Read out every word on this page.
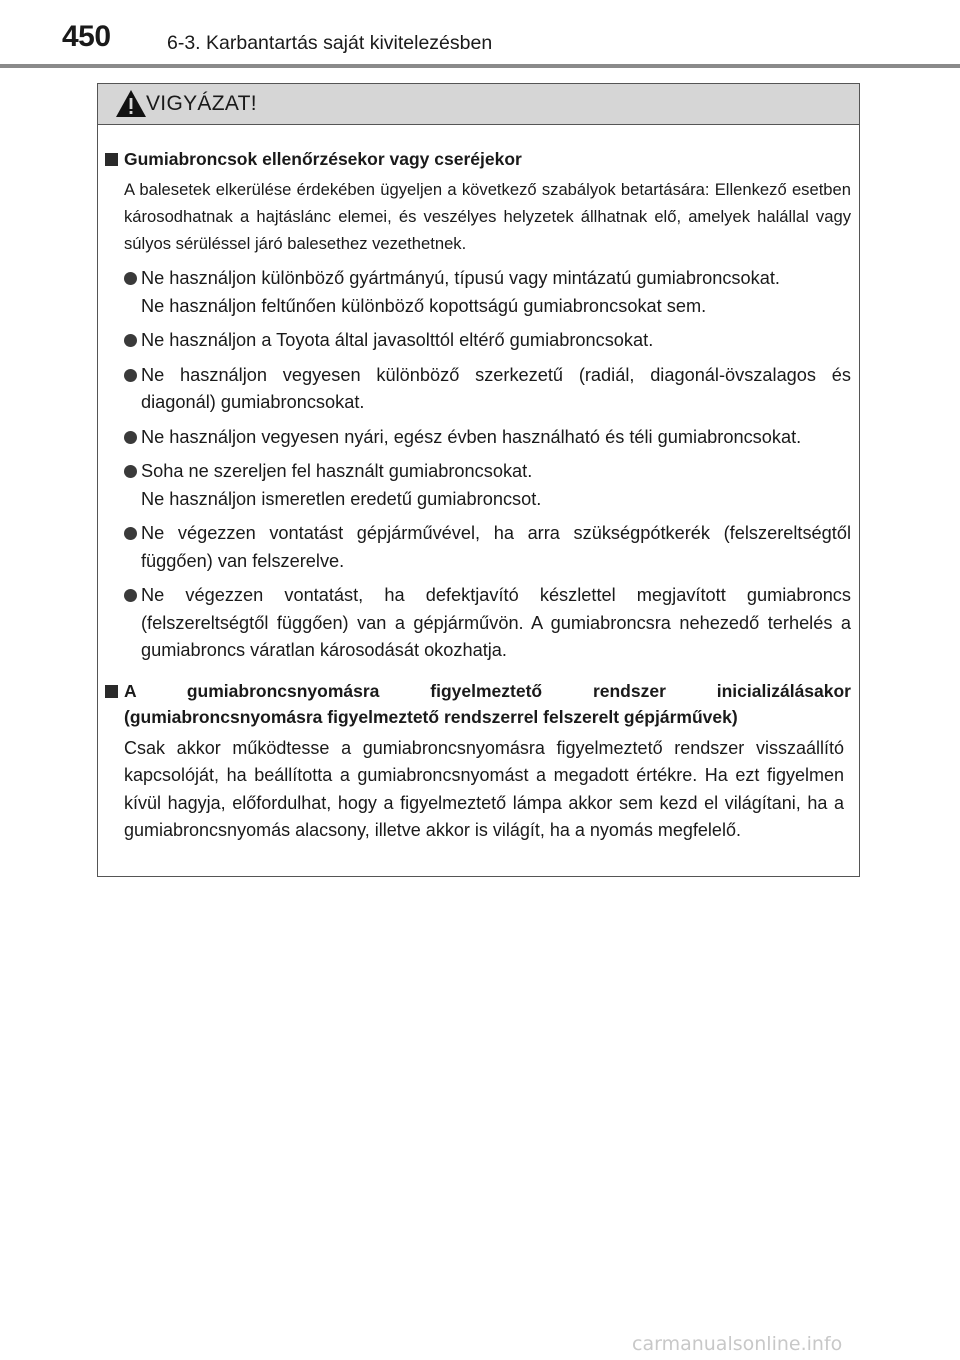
450	6-3. Karbantartás saját kivitelezésben
VIGYÁZAT!
Gumiabroncsok ellenőrzésekor vagy cseréjekor
A balesetek elkerülése érdekében ügyeljen a következő szabályok betartására: Ellenkező esetben károsodhatnak a hajtáslánc elemei, és veszélyes helyzetek állhatnak elő, amelyek halállal vagy súlyos sérüléssel járó balesethez vezethetnek.

Ne használjon különböző gyártmányú, típusú vagy mintázatú gumiabroncsokat.

Ne használjon feltűnően különböző kopottságú gumiabroncsokat sem.

Ne használjon a Toyota által javasolttól eltérő gumiabroncsokat.

Ne használjon vegyesen különböző szerkezetű (radiál, diagonál-övszalagos és diagonál) gumiabroncsokat.

Ne használjon vegyesen nyári, egész évben használható és téli gumiabroncsokat.

Soha ne szereljen fel használt gumiabroncsokat.

Ne használjon ismeretlen eredetű gumiabroncsot.

Ne végezzen vontatást gépjárművével, ha arra szükségpótkerék (felszereltségtől függően) van felszerelve.

Ne végezzen vontatást, ha defektjavító készlettel megjavított gumiabroncs (felszereltségtől függően) van a gépjárművön. A gumiabroncsra nehezedő terhelés a gumiabroncs váratlan károsodását okozhatja.

A gumiabroncsnyomásra figyelmeztető rendszer inicializálásakor (gumiabroncsnyomásra figyelmeztető rendszerrel felszerelt gépjárművek)
Csak akkor működtesse a gumiabroncsnyomásra figyelmeztető rendszer visszaállító kapcsolóját, ha beállította a gumiabroncsnyomást a megadott értékre. Ha ezt figyelmen kívül hagyja, előfordulhat, hogy a figyelmeztető lámpa akkor sem kezd el világítani, ha a gumiabroncsnyomás alacsony, illetve akkor is világít, ha a nyomás megfelelő.
carmanualsonline.info
